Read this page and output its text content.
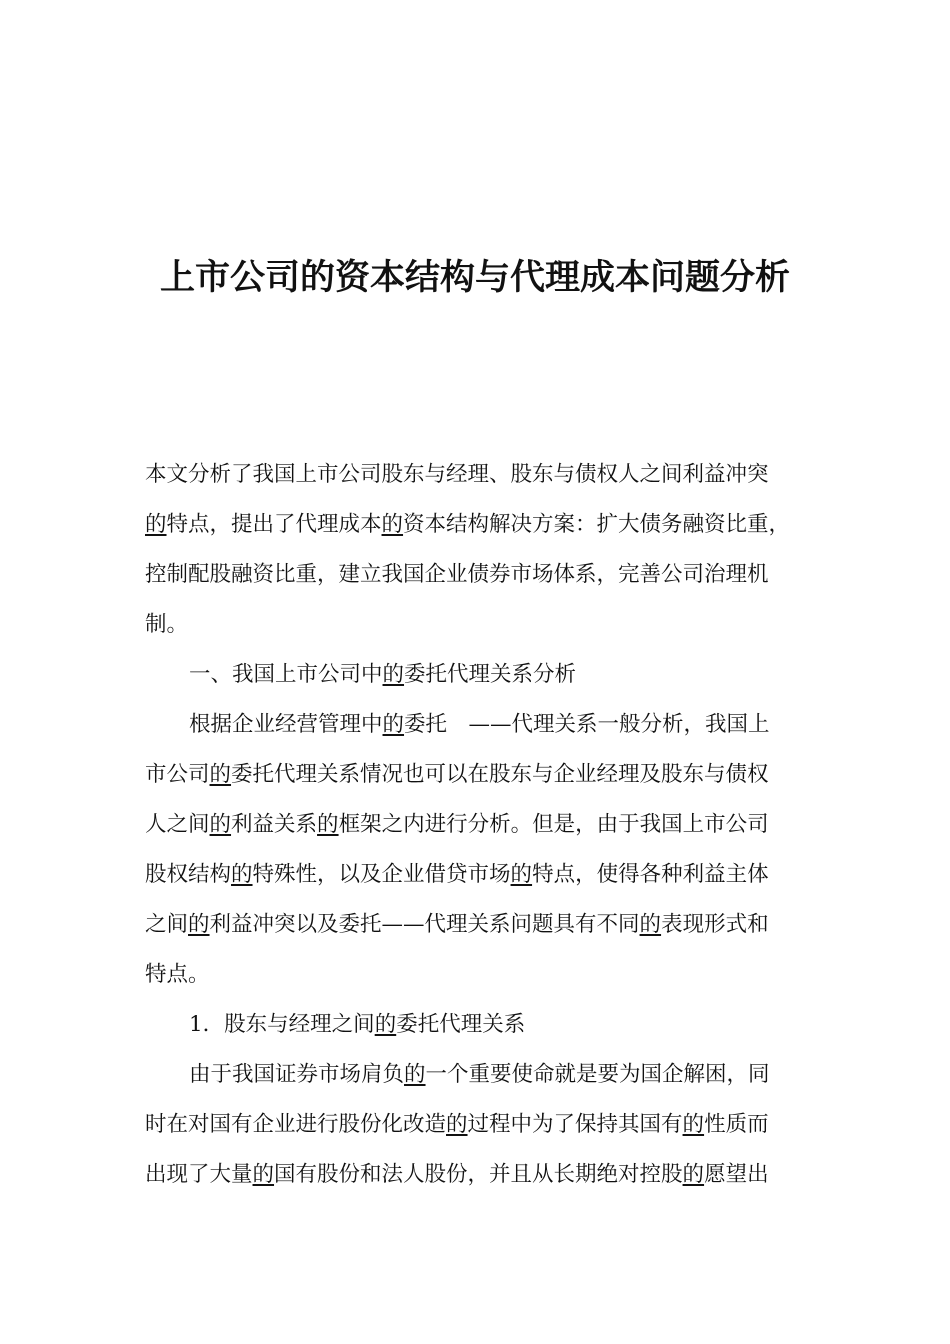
上市公司的资本结构与代理成本问题分析
本文分析了我国上市公司股东与经理、股东与债权人之间利益冲突
的特点，提出了代理成本的资本结构解决方案：扩大债务融资比重，
控制配股融资比重，建立我国企业债券市场体系，完善公司治理机
制。
一、我国上市公司中的委托代理关系分析
根据企业经营管理中的委托　——代理关系一般分析，我国上
市公司的委托代理关系情况也可以在股东与企业经理及股东与债权
人之间的利益关系的框架之内进行分析。但是，由于我国上市公司
股权结构的特殊性，以及企业借贷市场的特点，使得各种利益主体
之间的利益冲突以及委托——代理关系问题具有不同的表现形式和
特点。
1．股东与经理之间的委托代理关系
由于我国证券市场肩负的一个重要使命就是要为国企解困，同
时在对国有企业进行股份化改造的过程中为了保持其国有的性质而
出现了大量的国有股份和法人股份，并且从长期绝对控股的愿望出
